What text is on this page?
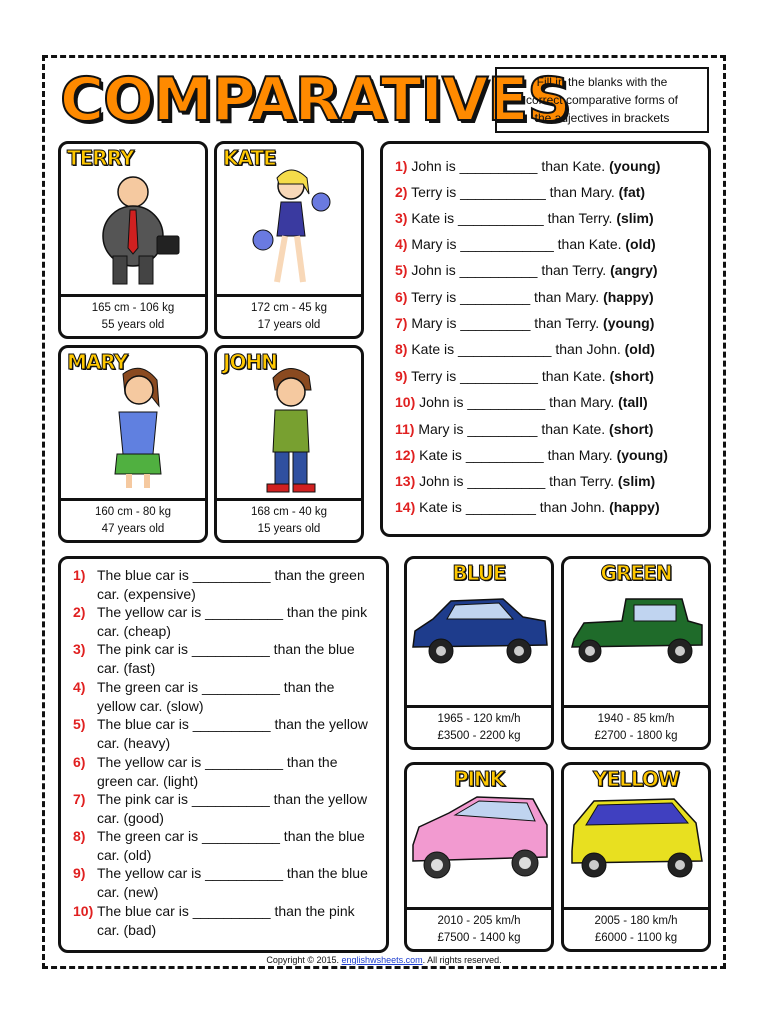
COMPARATIVES
Fill in the blanks with the
correct comparative forms of
the adjectives in brackets
TERRY
165 cm - 106 kg
55 years old
KATE
172 cm - 45 kg
17 years old
MARY
160 cm - 80 kg
47 years old
JOHN
168 cm - 40 kg
15 years old
1) John is __________ than Kate. (young)
2) Terry is ___________ than Mary. (fat)
3) Kate is ___________ than Terry. (slim)
4) Mary is ____________ than Kate. (old)
5) John is __________ than Terry. (angry)
6) Terry is _________ than Mary. (happy)
7) Mary is _________ than Terry. (young)
8) Kate is ____________ than John. (old)
9) Terry is __________ than Kate. (short)
10) John is __________ than Mary. (tall)
11) Mary is _________ than Kate. (short)
12) Kate is __________ than Mary. (young)
13) John is __________ than Terry. (slim)
14) Kate is _________ than John. (happy)
1) The blue car is __________ than the green car. (expensive)
2) The yellow car is __________ than the pink car. (cheap)
3) The pink car is __________ than the blue car. (fast)
4) The green car is __________ than the yellow car. (slow)
5) The blue car is __________ than the yellow car. (heavy)
6) The yellow car is __________ than the green car. (light)
7) The pink car is __________ than the yellow car. (good)
8) The green car is __________ than the blue car. (old)
9) The yellow car is __________ than the blue car. (new)
10) The blue car is __________ than the pink car. (bad)
BLUE
1965 - 120 km/h
£3500 - 2200 kg
GREEN
1940 - 85 km/h
£2700 - 1800 kg
PINK
2010 - 205 km/h
£7500 - 1400 kg
YELLOW
2005 - 180 km/h
£6000 - 1100 kg
Copyright © 2015. englishwsheets.com. All rights reserved.
